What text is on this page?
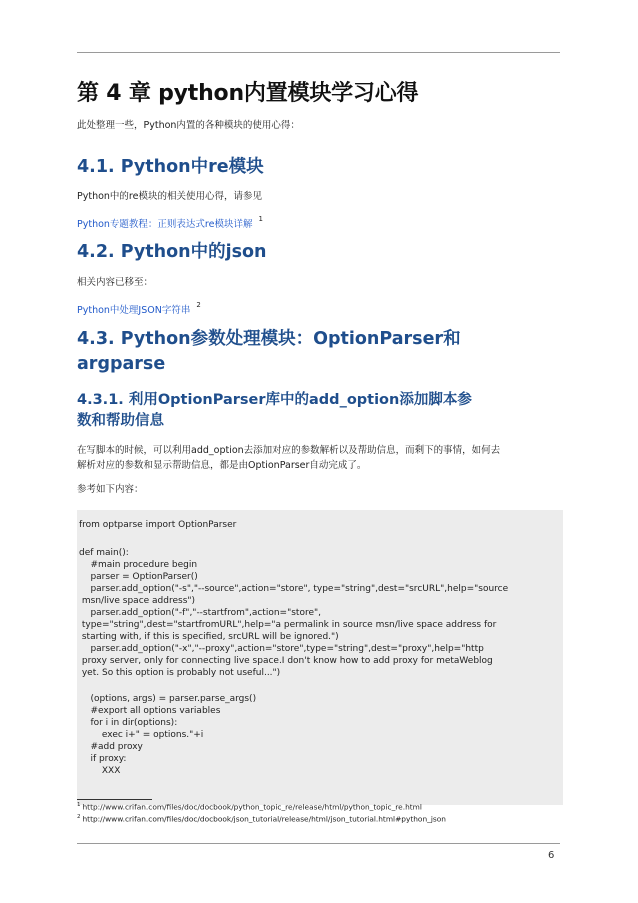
第 4 章 python内置模块学习心得
此处整理一些，Python内置的各种模块的使用心得：
4.1. Python中re模块
Python中的re模块的相关使用心得，请参见
Python专题教程：正则表达式re模块详解$^1$
4.2. Python中的json
相关内容已移至：
Python中处理JSON字符串$^2$
4.3. Python参数处理模块：OptionParser和
argparse
4.3.1. 利用OptionParser库中的add_option添加脚本参
数和帮助信息
在写脚本的时候，可以利用add_option去添加对应的参数解析以及帮助信息，而剩下的事情，如何去
解析对应的参数和显示帮助信息，都是由OptionParser自动完成了。
参考如下内容：
from optparse import OptionParser
def main():
#main procedure begin
parser = OptionParser()
parser.add_option("-s","--source",action="store", type="string",dest="srcURL",help="source
msn/live space address")
parser.add_option("-f","--startfrom",action="store",
type="string",dest="startfromURL",help="a permalink in source msn/live space address for
starting with, if this is specified, srcURL will be ignored.")
parser.add_option("-x","--proxy",action="store",type="string",dest="proxy",help="http
proxy server, only for connecting live space.I don't know how to add proxy for metaWeblog
yet. So this option is probably not useful...")
(options, args) = parser.parse_args()
#export all options variables
for i in dir(options):
exec i+" = options."+i
#add proxy
if proxy:
XXX
$^1$ http://www.crifan.com/files/doc/docbook/python_topic_re/release/html/python_topic_re.html
$^2$ http://www.crifan.com/files/doc/docbook/json_tutorial/release/html/json_tutorial.html#python_json
6
